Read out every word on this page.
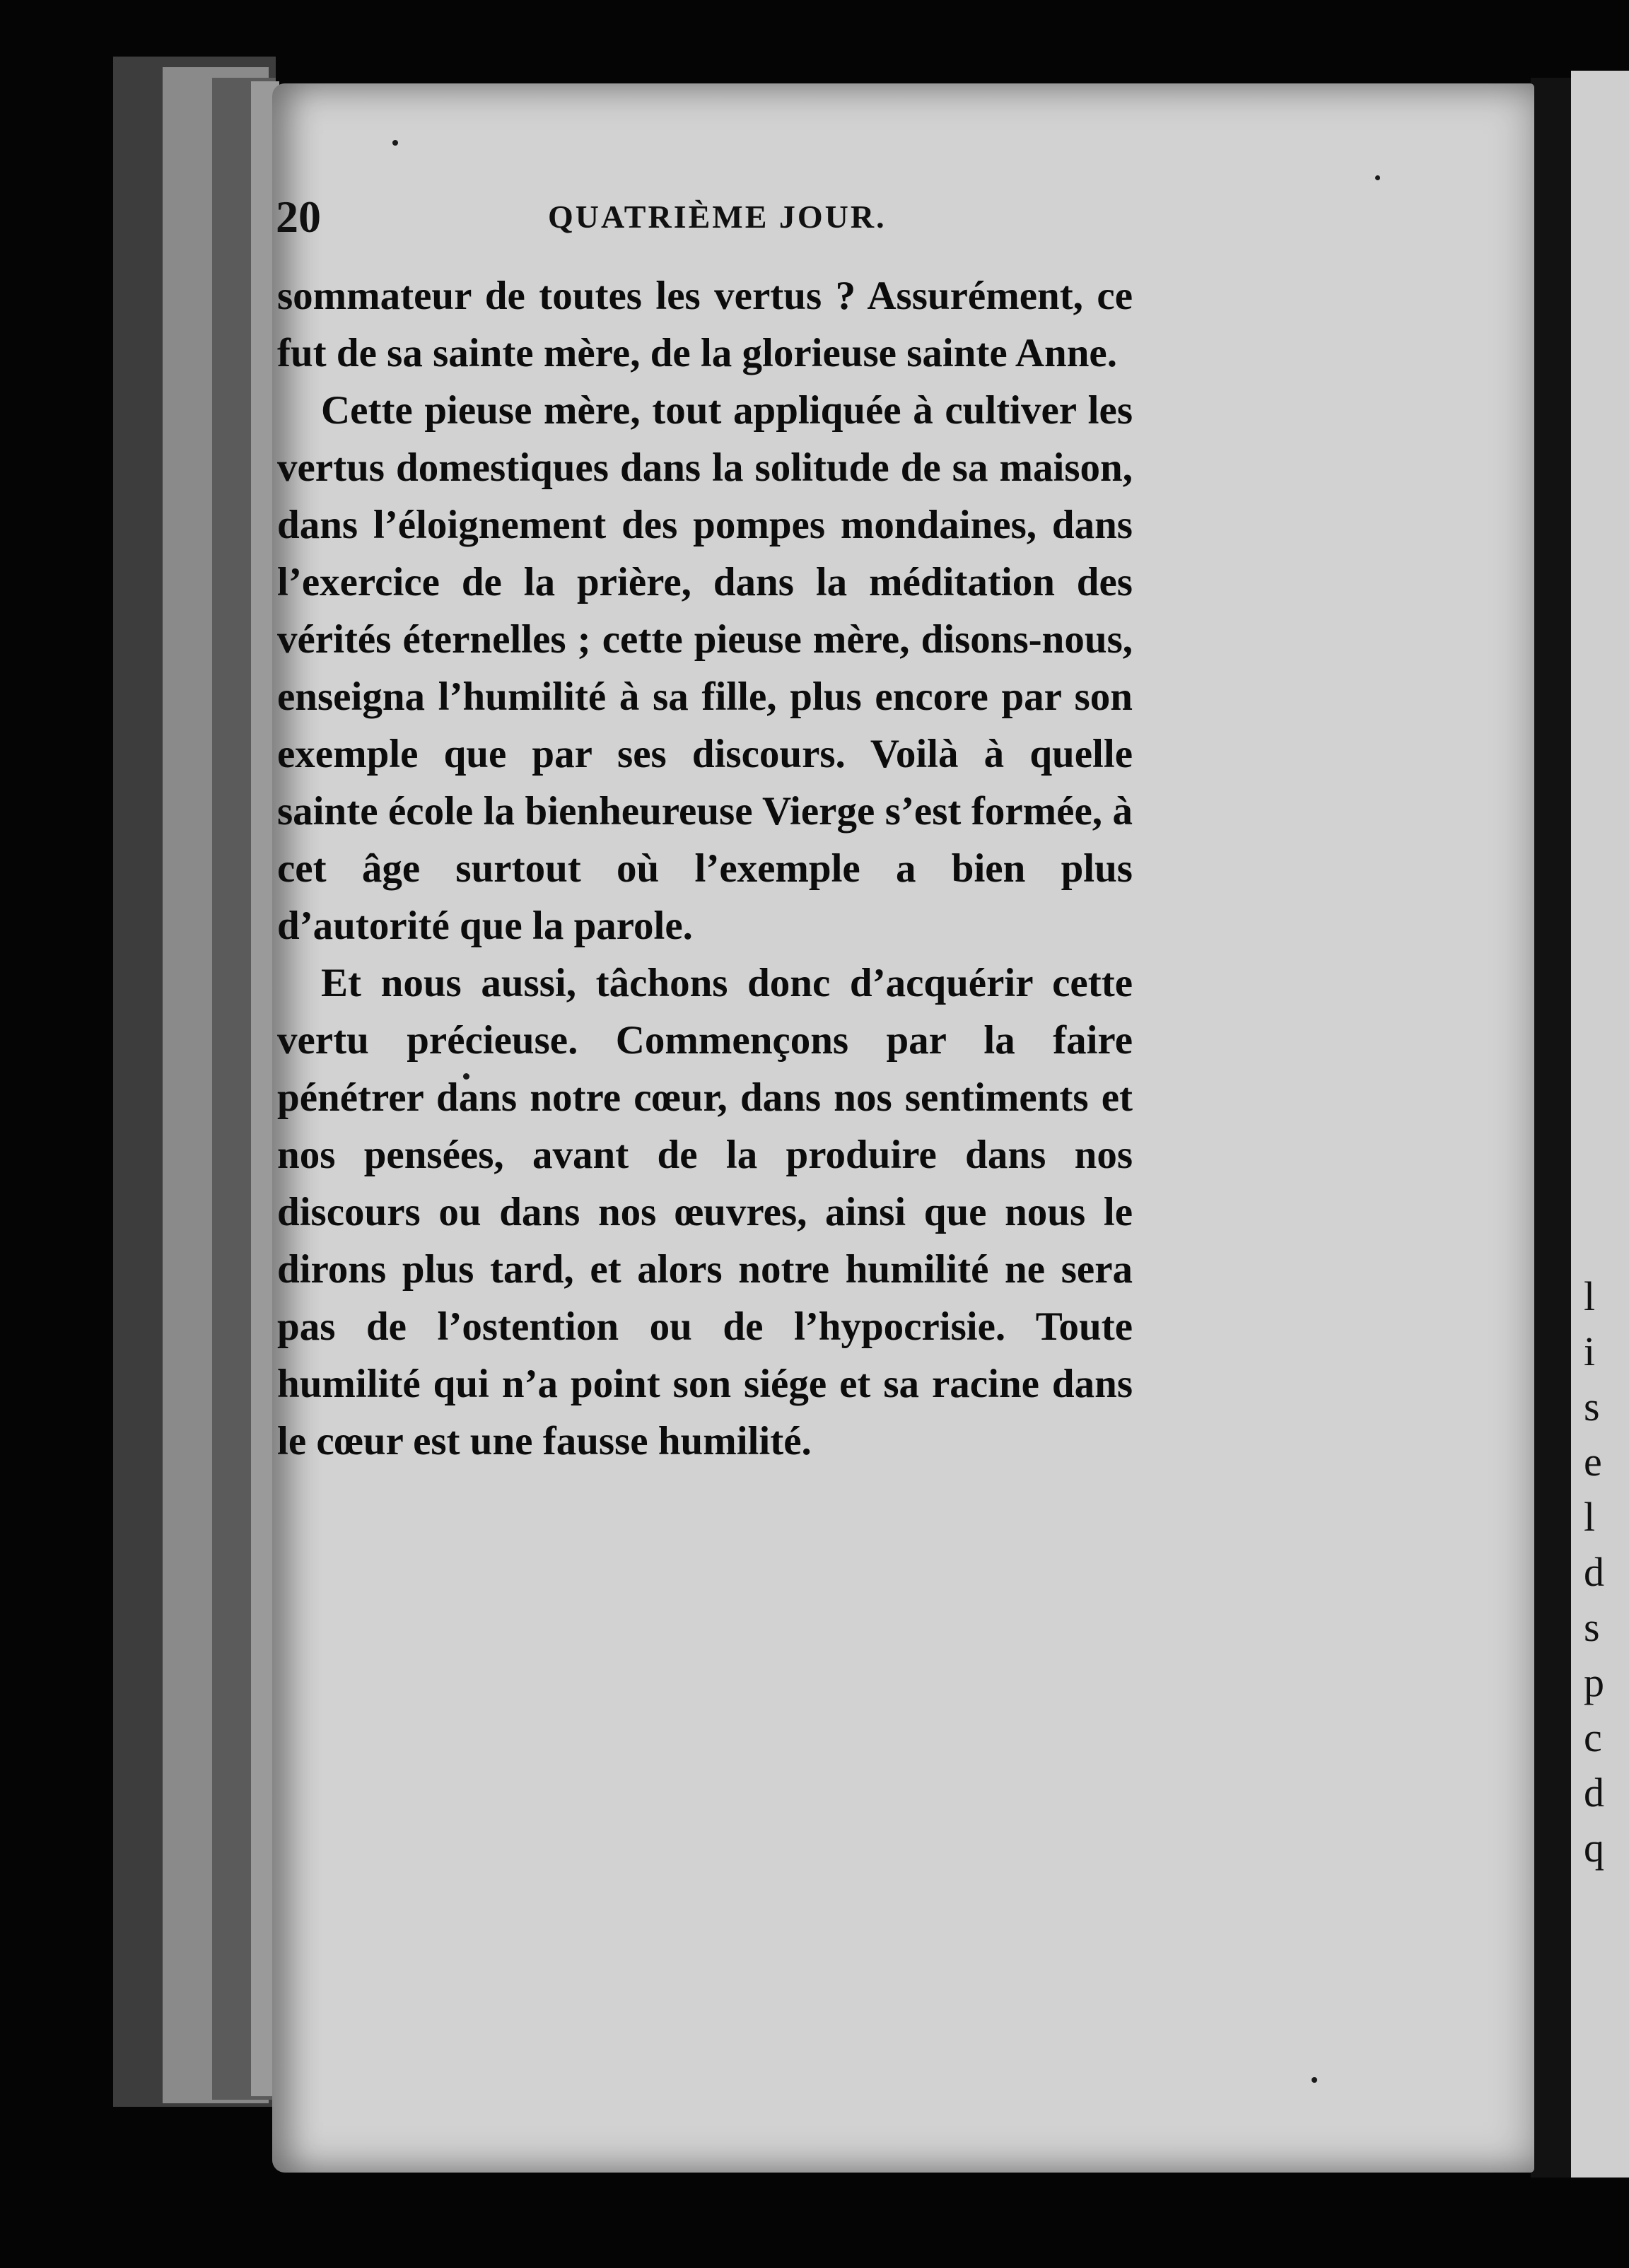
l
i
s
e
l
d
s
p
c
d
q
20	QUATRIÈME JOUR.

sommateur de toutes les vertus ? Assurément, ce fut de sa sainte mère, de la glorieuse sainte Anne.

Cette pieuse mère, tout appliquée à cultiver les vertus domestiques dans la solitude de sa maison, dans l’éloignement des pompes mondaines, dans l’exercice de la prière, dans la méditation des vérités éternelles ; cette pieuse mère, disons-nous, enseigna l’humilité à sa fille, plus encore par son exemple que par ses discours. Voilà à quelle sainte école la bienheureuse Vierge s’est formée, à cet âge surtout où l’exemple a bien plus d’autorité que la parole.

Et nous aussi, tâchons donc d’acquérir cette vertu précieuse. Commençons par la faire pénétrer dans notre cœur, dans nos sentiments et nos pensées, avant de la produire dans nos discours ou dans nos œuvres, ainsi que nous le dirons plus tard, et alors notre humilité ne sera pas de l’ostention ou de l’hypocrisie. Toute humilité qui n’a point son siége et sa racine dans le cœur est une fausse humilité.
